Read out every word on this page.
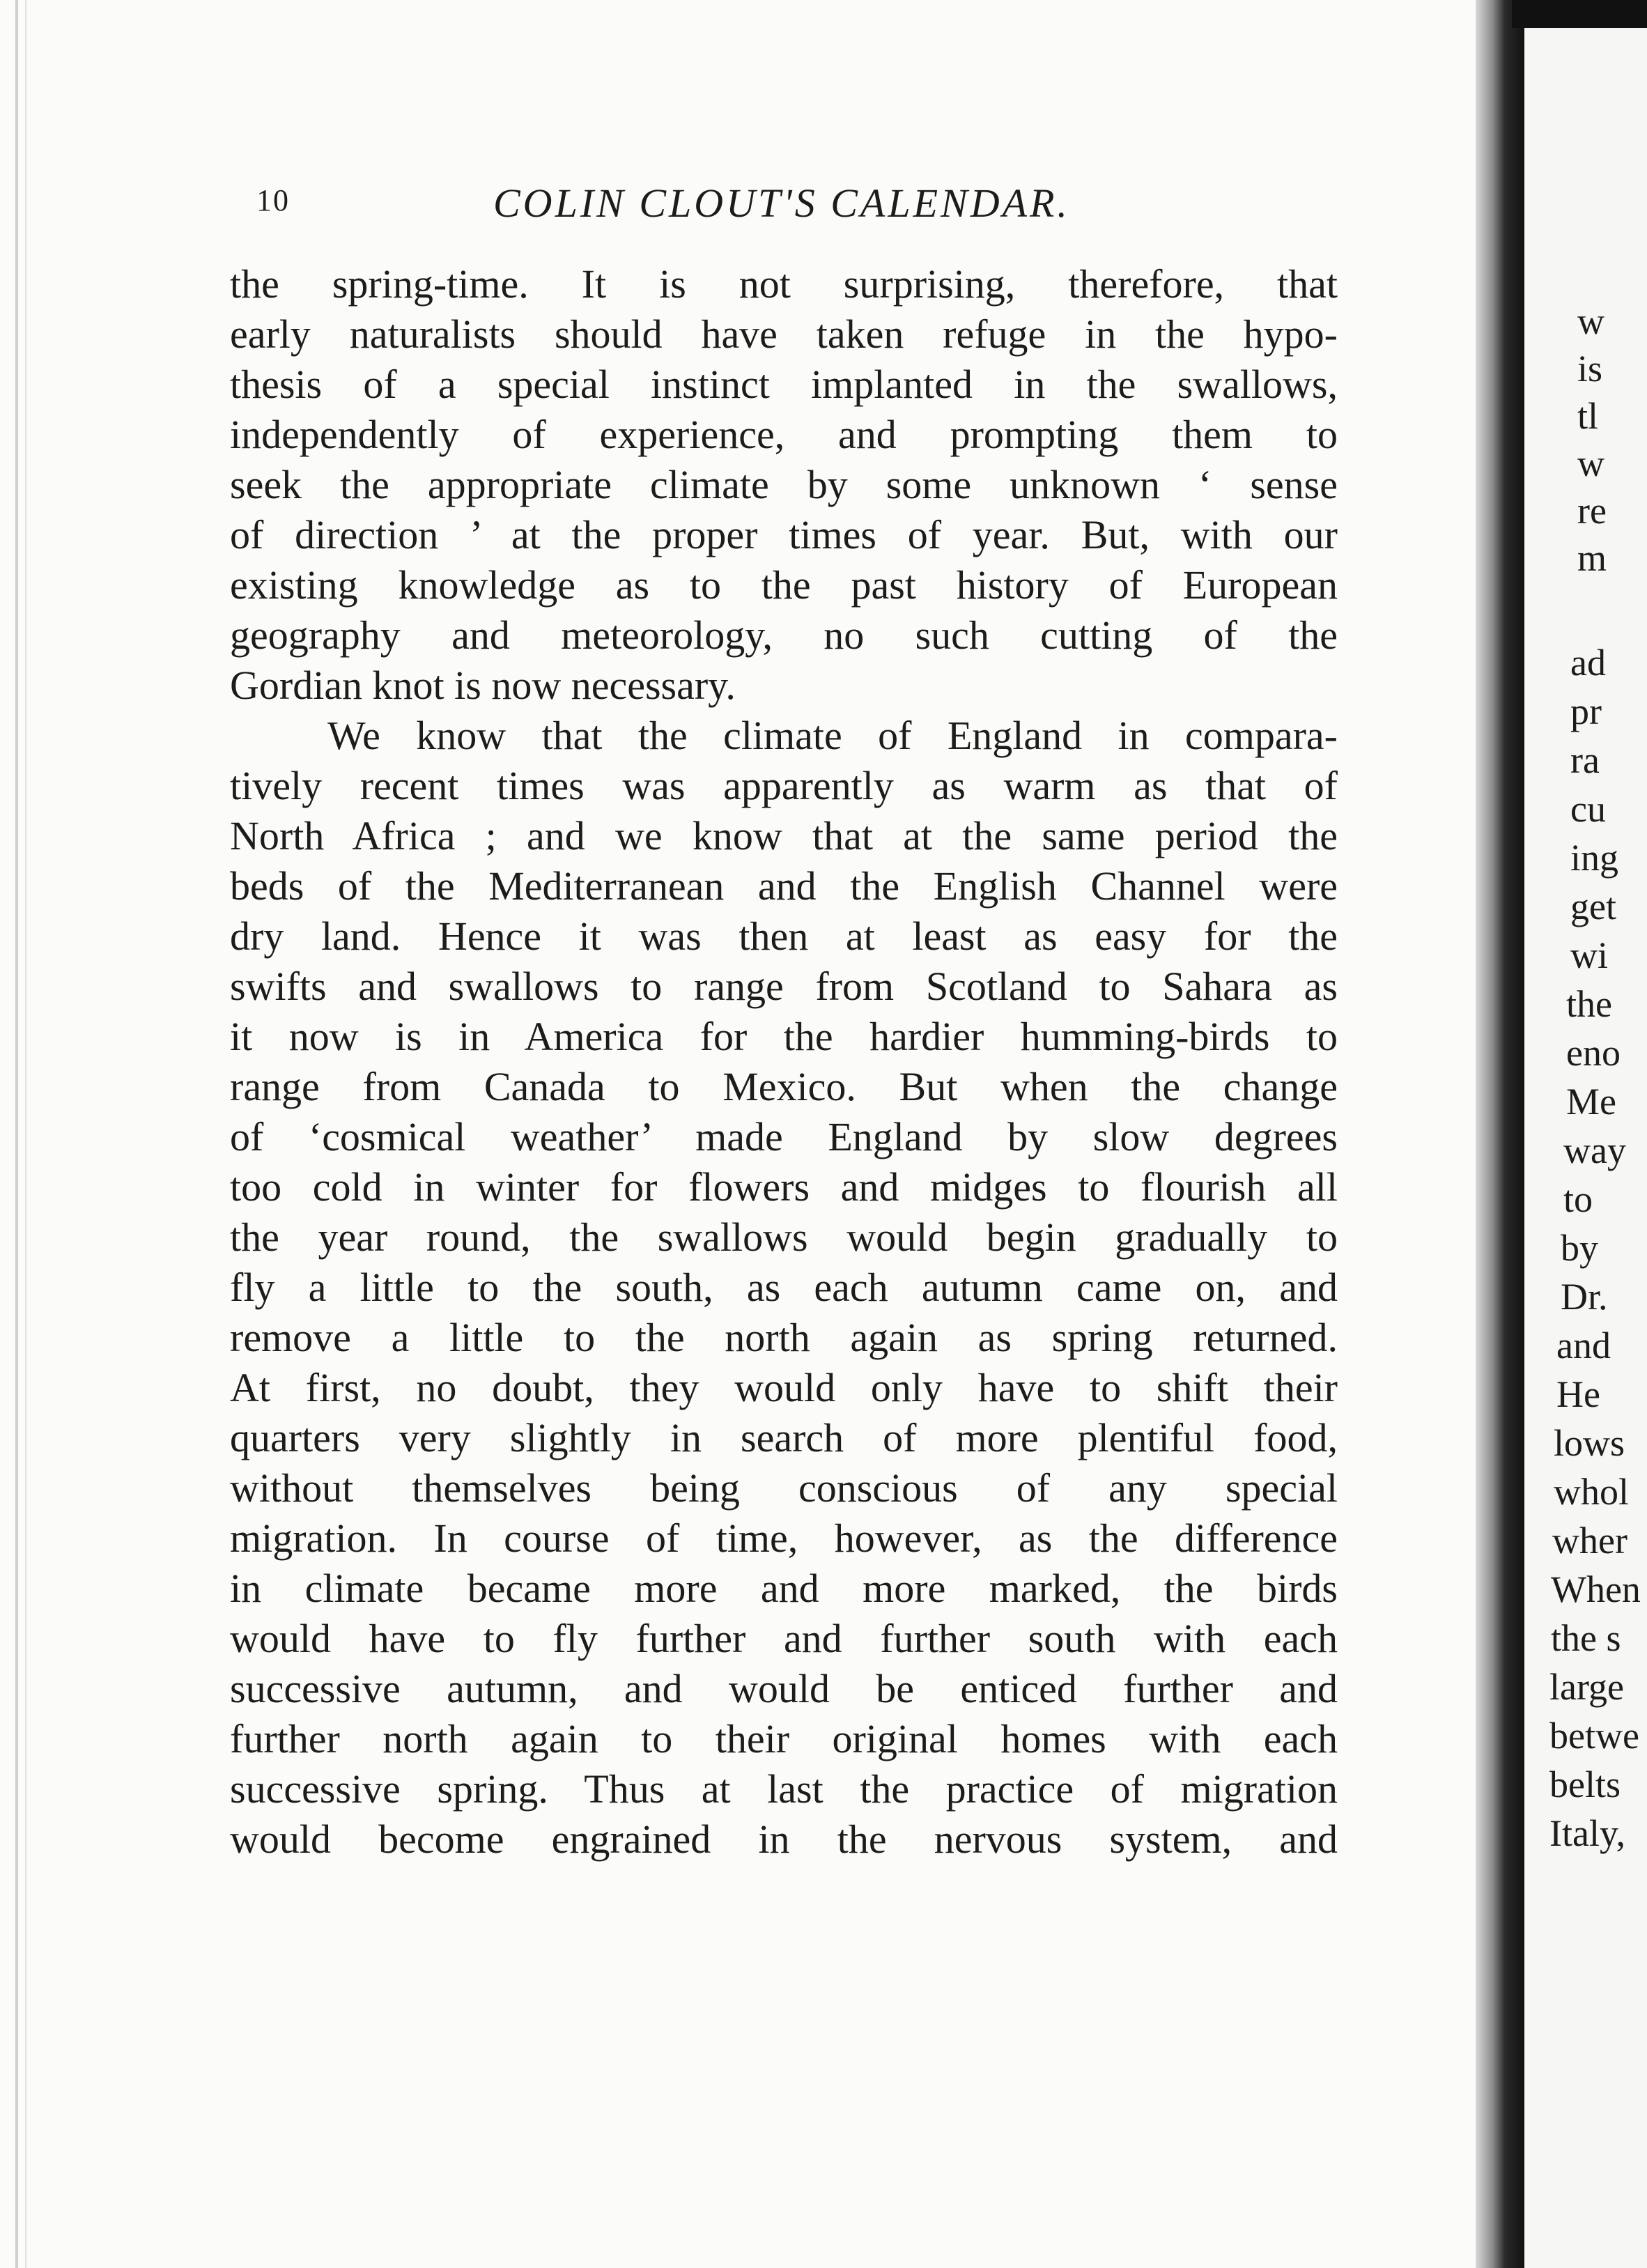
10	COLIN CLOUT'S CALENDAR.
the spring-time. It is not surprising, therefore, that
early naturalists should have taken refuge in the hypo-
thesis of a special instinct implanted in the swallows,
independently of experience, and prompting them to
seek the appropriate climate by some unknown ‘ sense
of direction ’ at the proper times of year. But, with our
existing knowledge as to the past history of European
geography and meteorology, no such cutting of the
Gordian knot is now necessary.
We know that the climate of England in compara-
tively recent times was apparently as warm as that of
North Africa ; and we know that at the same period the
beds of the Mediterranean and the English Channel were
dry land. Hence it was then at least as easy for the
swifts and swallows to range from Scotland to Sahara as
it now is in America for the hardier humming-birds to
range from Canada to Mexico. But when the change
of ‘cosmical weather’ made England by slow degrees
too cold in winter for flowers and midges to flourish all
the year round, the swallows would begin gradually to
fly a little to the south, as each autumn came on, and
remove a little to the north again as spring returned.
At first, no doubt, they would only have to shift their
quarters very slightly in search of more plentiful food,
without themselves being conscious of any special
migration. In course of time, however, as the difference
in climate became more and more marked, the birds
would have to fly further and further south with each
successive autumn, and would be enticed further and
further north again to their original homes with each
successive spring. Thus at last the practice of migration
would become engrained in the nervous system, and
w
is
tl
w
re
m
ad
pr
ra
cu
ing
get
wi
the
eno
Me
way
to
by
Dr.
and
He
lows
whol
wher
When
the s
large
betwe
belts
Italy,
